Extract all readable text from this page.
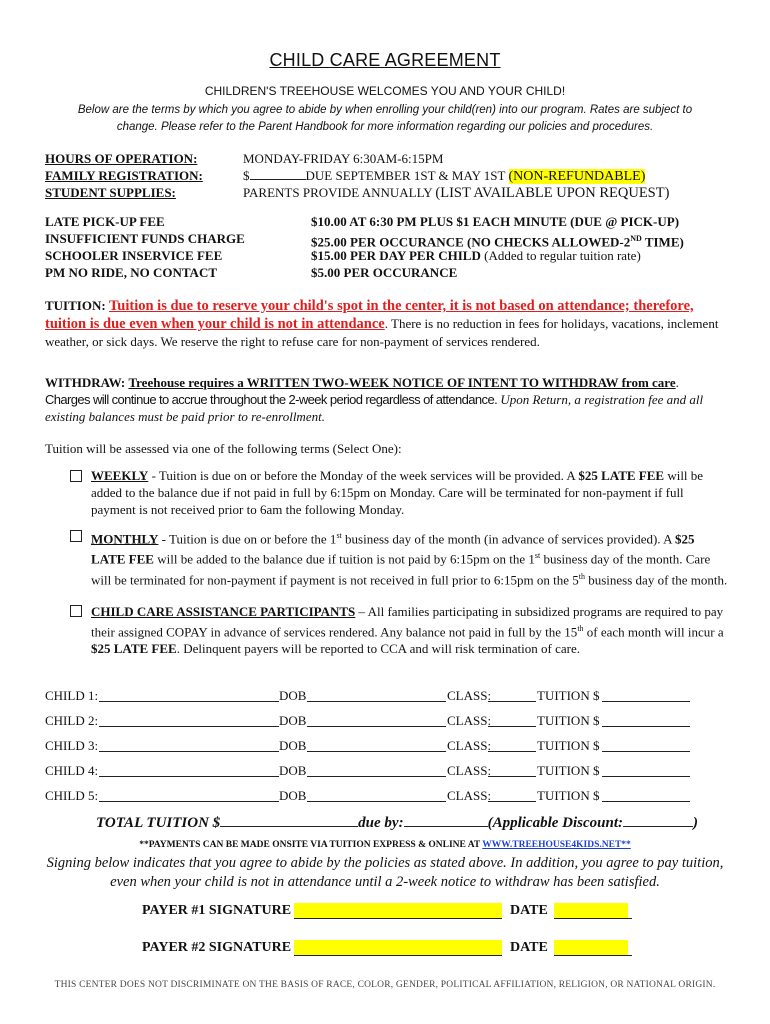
CHILD CARE AGREEMENT
CHILDREN'S TREEHOUSE WELCOMES YOU AND YOUR CHILD!
Below are the terms by which you agree to abide by when enrolling your child(ren) into our program. Rates are subject to change. Please refer to the Parent Handbook for more information regarding our policies and procedures.
HOURS OF OPERATION:	MONDAY-FRIDAY 6:30AM-6:15PM
FAMILY REGISTRATION:	$	DUE SEPTEMBER 1ST & MAY 1ST (NON-REFUNDABLE)
STUDENT SUPPLIES:	PARENTS PROVIDE ANNUALLY (LIST AVAILABLE UPON REQUEST)
LATE PICK-UP FEE	$10.00 AT 6:30 PM PLUS $1 EACH MINUTE (DUE @ PICK-UP)
INSUFFICIENT FUNDS CHARGE	$25.00 PER OCCURANCE (NO CHECKS ALLOWED-2ND TIME)
SCHOOLER INSERVICE FEE	$15.00 PER DAY PER CHILD (Added to regular tuition rate)
PM NO RIDE, NO CONTACT	$5.00 PER OCCURANCE
TUITION: Tuition is due to reserve your child's spot in the center, it is not based on attendance; therefore, tuition is due even when your child is not in attendance. There is no reduction in fees for holidays, vacations, inclement weather, or sick days. We reserve the right to refuse care for non-payment of services rendered.
WITHDRAW: Treehouse requires a WRITTEN TWO-WEEK NOTICE OF INTENT TO WITHDRAW from care.
Charges will continue to accrue throughout the 2-week period regardless of attendance. Upon Return, a registration fee and all existing balances must be paid prior to re-enrollment.
Tuition will be assessed via one of the following terms (Select One):
WEEKLY - Tuition is due on or before the Monday of the week services will be provided. A $25 LATE FEE will be added to the balance due if not paid in full by 6:15pm on Monday. Care will be terminated for non-payment if full payment is not received prior to 6am the following Monday.
MONTHLY - Tuition is due on or before the 1st business day of the month (in advance of services provided). A $25 LATE FEE will be added to the balance due if tuition is not paid by 6:15pm on the 1st business day of the month. Care will be terminated for non-payment if payment is not received in full prior to 6:15pm on the 5th business day of the month.
CHILD CARE ASSISTANCE PARTICIPANTS – All families participating in subsidized programs are required to pay their assigned COPAY in advance of services rendered. Any balance not paid in full by the 15th of each month will incur a $25 LATE FEE. Delinquent payers will be reported to CCA and will risk termination of care.
CHILD 1:	DOB	CLASS:	TUITION $
CHILD 2:	DOB	CLASS:	TUITION $
CHILD 3:	DOB	CLASS:	TUITION $
CHILD 4:	DOB	CLASS:	TUITION $
CHILD 5:	DOB	CLASS:	TUITION $
TOTAL TUITION $	due by:	(Applicable Discount:	)
**PAYMENTS CAN BE MADE ONSITE VIA TUITION EXPRESS & ONLINE AT WWW.TREEHOUSE4KIDS.NET**
Signing below indicates that you agree to abide by the policies as stated above. In addition, you agree to pay tuition, even when your child is not in attendance until a 2-week notice to withdraw has been satisfied.
PAYER #1 SIGNATURE	DATE
PAYER #2 SIGNATURE	DATE
THIS CENTER DOES NOT DISCRIMINATE ON THE BASIS OF RACE, COLOR, GENDER, POLITICAL AFFILIATION, RELIGION, OR NATIONAL ORIGIN.
